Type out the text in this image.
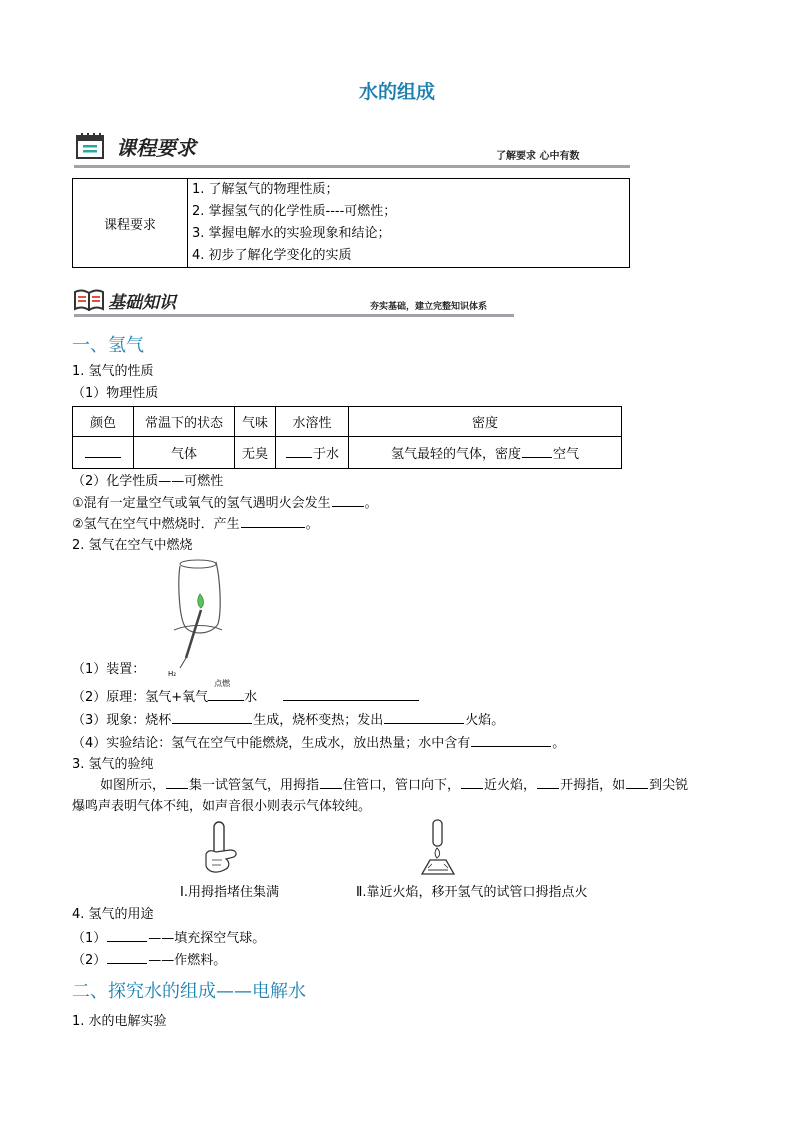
水的组成
课程要求	了解要求 心中有数
课程要求	
1. 了解氢气的物理性质；
2. 掌握氢气的化学性质----可燃性；
3. 掌握电解水的实验现象和结论；
4. 初步了解化学变化的实质
基础知识	夯实基础，建立完整知识体系
一、氢气
1. 氢气的性质
（1）物理性质
颜色	常温下的状态	气味	水溶性	密度
	气体	无臭	于水	氢气最轻的气体，密度 空气
（2）化学性质——可燃性
①混有一定量空气或氧气的氢气遇明火会发生	。
②氢气在空气中燃烧时．产生	。
2. 氢气在空气中燃烧
H₂
（1）装置：
（2）原理：氢气+氧气
点燃
水
（3）现象：烧杯	生成，烧杯变热；发出	火焰。
（4）实验结论：氢气在空气中能燃烧，生成水，放出热量；水中含有	。
3. 氢气的验纯
如图所示， 集一试管氢气，用拇指 住管口，管口向下， 近火焰， 开拇指，如 到尖锐
爆鸣声表明气体不纯，如声音很小则表示气体较纯。
Ⅰ.用拇指堵住集满	Ⅱ.靠近火焰，移开氢气的试管口拇指点火
4. 氢气的用途
（1）	——填充探空气球。
（2）	——作燃料。
二、探究水的组成——电解水
1. 水的电解实验
